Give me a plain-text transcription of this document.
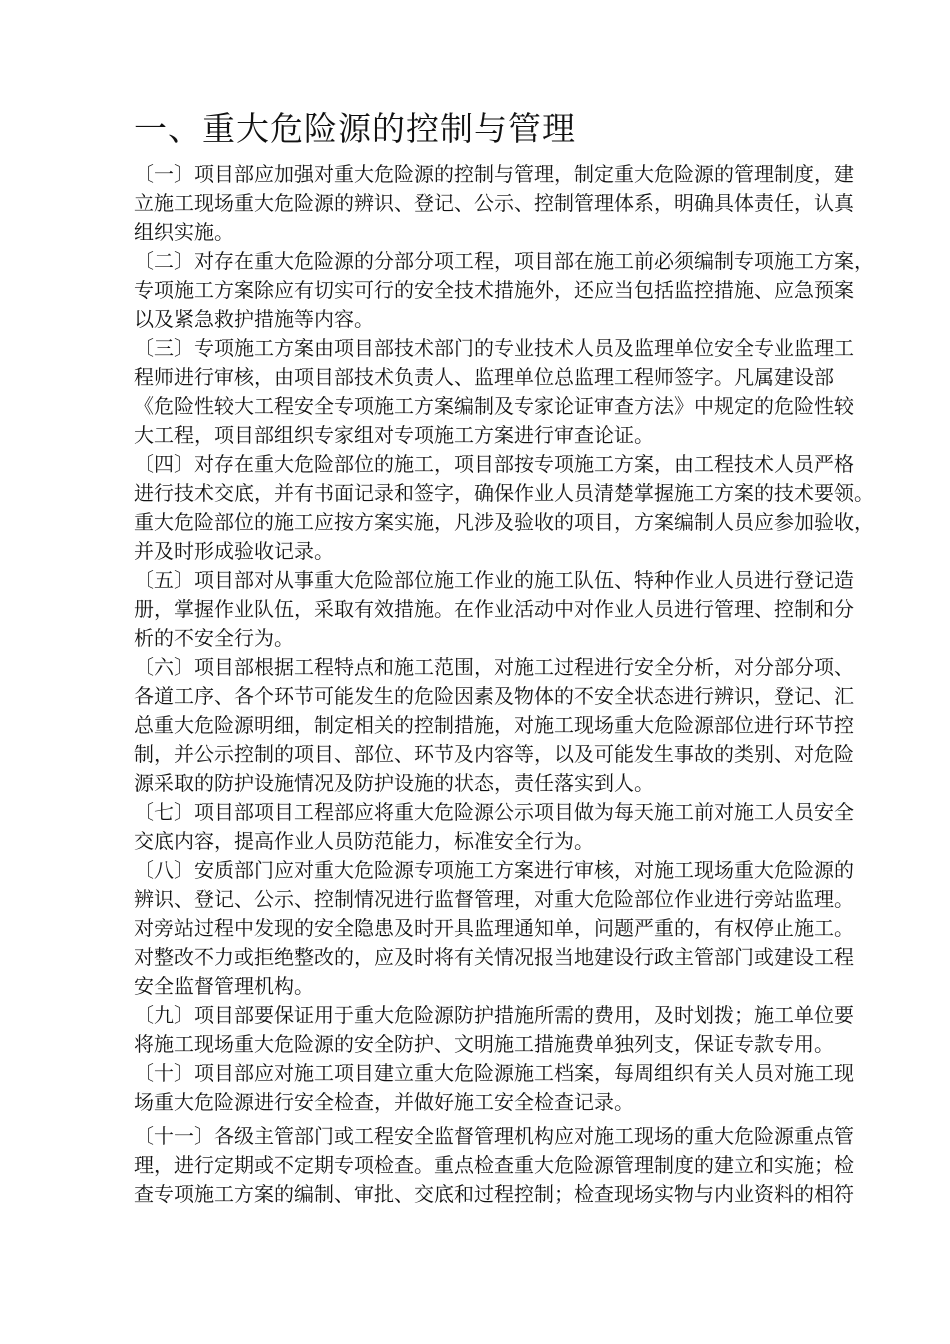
一、重大危险源的控制与管理
〔一〕项目部应加强对重大危险源的控制与管理，制定重大危险源的管理制度，建
立施工现场重大危险源的辨识、登记、公示、控制管理体系，明确具体责任，认真
组织实施。
〔二〕对存在重大危险源的分部分项工程，项目部在施工前必须编制专项施工方案，
专项施工方案除应有切实可行的安全技术措施外，还应当包括监控措施、应急预案
以及紧急救护措施等内容。
〔三〕专项施工方案由项目部技术部门的专业技术人员及监理单位安全专业监理工
程师进行审核，由项目部技术负责人、监理单位总监理工程师签字。凡属建设部
《危险性较大工程安全专项施工方案编制及专家论证审查方法》中规定的危险性较
大工程，项目部组织专家组对专项施工方案进行审查论证。
〔四〕对存在重大危险部位的施工，项目部按专项施工方案，由工程技术人员严格
进行技术交底，并有书面记录和签字，确保作业人员清楚掌握施工方案的技术要领。
重大危险部位的施工应按方案实施，凡涉及验收的项目，方案编制人员应参加验收，
并及时形成验收记录。
〔五〕项目部对从事重大危险部位施工作业的施工队伍、特种作业人员进行登记造
册，掌握作业队伍，采取有效措施。在作业活动中对作业人员进行管理、控制和分
析的不安全行为。
〔六〕项目部根据工程特点和施工范围，对施工过程进行安全分析，对分部分项、
各道工序、各个环节可能发生的危险因素及物体的不安全状态进行辨识，登记、汇
总重大危险源明细，制定相关的控制措施，对施工现场重大危险源部位进行环节控
制，并公示控制的项目、部位、环节及内容等，以及可能发生事故的类别、对危险
源采取的防护设施情况及防护设施的状态，责任落实到人。
〔七〕项目部项目工程部应将重大危险源公示项目做为每天施工前对施工人员安全
交底内容，提高作业人员防范能力，标准安全行为。
〔八〕安质部门应对重大危险源专项施工方案进行审核，对施工现场重大危险源的
辨识、登记、公示、控制情况进行监督管理，对重大危险部位作业进行旁站监理。
对旁站过程中发现的安全隐患及时开具监理通知单，问题严重的，有权停止施工。
对整改不力或拒绝整改的，应及时将有关情况报当地建设行政主管部门或建设工程
安全监督管理机构。
〔九〕项目部要保证用于重大危险源防护措施所需的费用，及时划拨；施工单位要
将施工现场重大危险源的安全防护、文明施工措施费单独列支，保证专款专用。
〔十〕项目部应对施工项目建立重大危险源施工档案，每周组织有关人员对施工现
场重大危险源进行安全检查，并做好施工安全检查记录。
〔十一〕各级主管部门或工程安全监督管理机构应对施工现场的重大危险源重点管
理，进行定期或不定期专项检查。重点检查重大危险源管理制度的建立和实施；检
查专项施工方案的编制、审批、交底和过程控制；检查现场实物与内业资料的相符
